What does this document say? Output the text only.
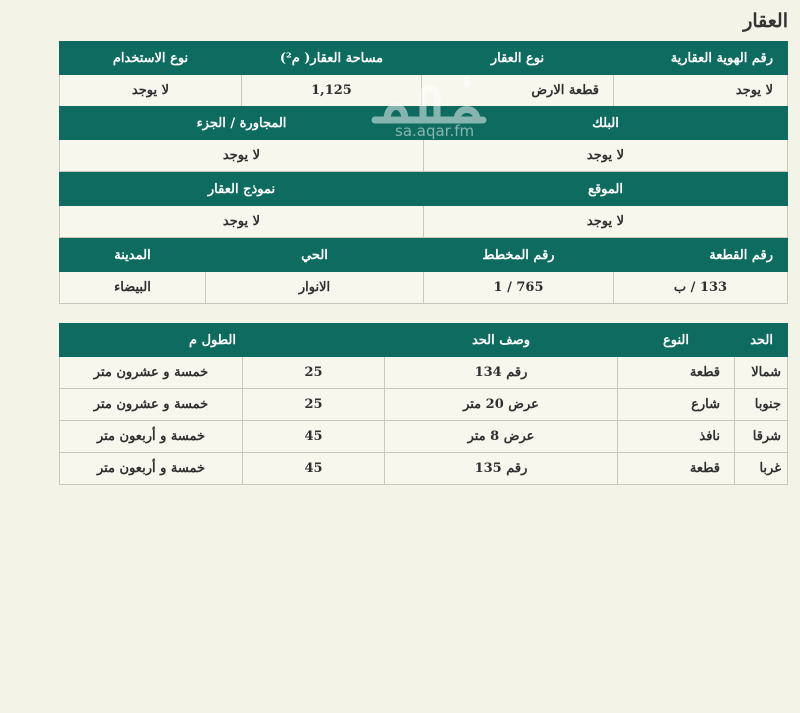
العقار
رقم الهوية العقارية	نوع العقار	مساحة العقار( م²)	نوع الاستخدام
لا يوجد	قطعة الارض	1,125	لا يوجد
البلك	المجاورة / الجزء
لا يوجد	لا يوجد
الموقع	نموذج العقار
لا يوجد	لا يوجد
رقم القطعة	رقم المخطط	الحي	المدينة
133 / ب	765 / 1	الانوار	البيضاء
الحد	النوع	وصف الحد		الطول م
شمالا	قطعة	رقم 134	25	خمسة و عشرون متر
جنوبا	شارع	عرض 20 متر	25	خمسة و عشرون متر
شرقا	نافذ	عرض 8 متر	45	خمسة و أربعون متر
غربا	قطعة	رقم 135	45	خمسة و أربعون متر
عقار
sa.aqar.fm
